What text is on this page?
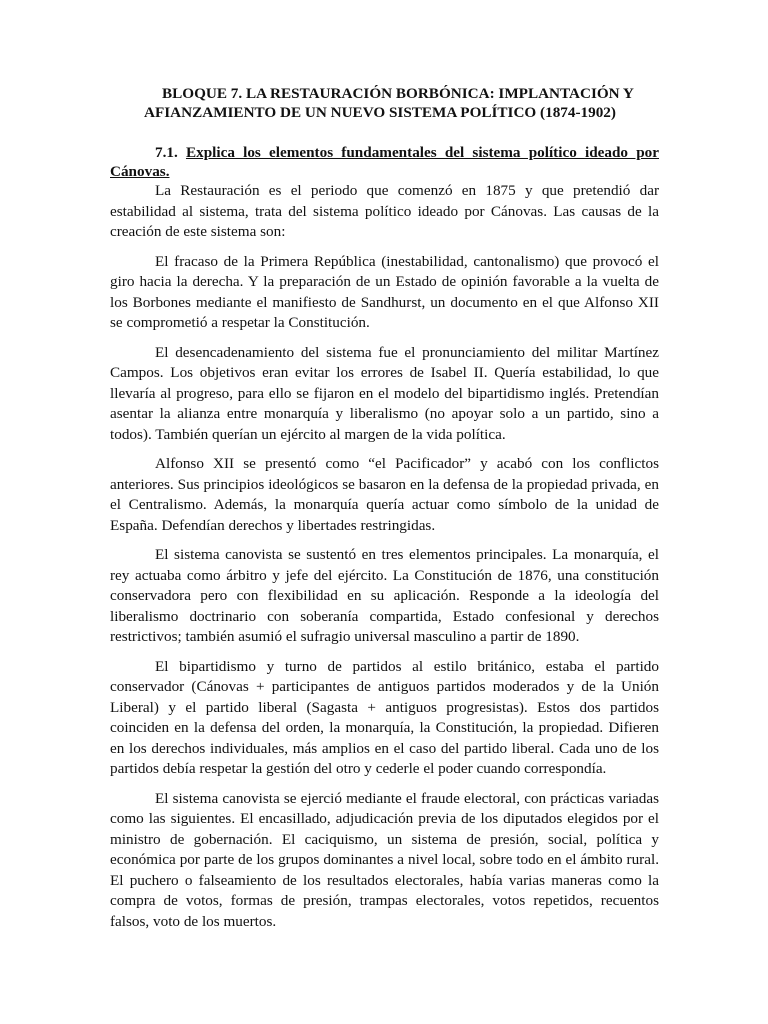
BLOQUE 7. LA RESTAURACIÓN BORBÓNICA: IMPLANTACIÓN Y
AFIANZAMIENTO DE UN NUEVO SISTEMA POLÍTICO (1874-1902)

7.1. Explica los elementos fundamentales del sistema político ideado por Cánovas.

La Restauración es el periodo que comenzó en 1875 y que pretendió dar estabilidad al sistema, trata del sistema político ideado por Cánovas. Las causas de la creación de este sistema son:

El fracaso de la Primera República (inestabilidad, cantonalismo) que provocó el giro hacia la derecha. Y la preparación de un Estado de opinión favorable a la vuelta de los Borbones mediante el manifiesto de Sandhurst, un documento en el que Alfonso XII se comprometió a respetar la Constitución.

El desencadenamiento del sistema fue el pronunciamiento del militar Martínez Campos. Los objetivos eran evitar los errores de Isabel II. Quería estabilidad, lo que llevaría al progreso, para ello se fijaron en el modelo del bipartidismo inglés. Pretendían asentar la alianza entre monarquía y liberalismo (no apoyar solo a un partido, sino a todos). También querían un ejército al margen de la vida política.

Alfonso XII se presentó como “el Pacificador” y acabó con los conflictos anteriores. Sus principios ideológicos se basaron en la defensa de la propiedad privada, en el Centralismo. Además, la monarquía quería actuar como símbolo de la unidad de España. Defendían derechos y libertades restringidas.

El sistema canovista se sustentó en tres elementos principales. La monarquía, el rey actuaba como árbitro y jefe del ejército. La Constitución de 1876, una constitución conservadora pero con flexibilidad en su aplicación. Responde a la ideología del liberalismo doctrinario con soberanía compartida, Estado confesional y derechos restrictivos; también asumió el sufragio universal masculino a partir de 1890.

El bipartidismo y turno de partidos al estilo británico, estaba el partido conservador (Cánovas + participantes de antiguos partidos moderados y de la Unión Liberal) y el partido liberal (Sagasta + antiguos progresistas). Estos dos partidos coinciden en la defensa del orden, la monarquía, la Constitución, la propiedad. Difieren en los derechos individuales, más amplios en el caso del partido liberal. Cada uno de los partidos debía respetar la gestión del otro y cederle el poder cuando correspondía.

El sistema canovista se ejerció mediante el fraude electoral, con prácticas variadas como las siguientes. El encasillado, adjudicación previa de los diputados elegidos por el ministro de gobernación. El caciquismo, un sistema de presión, social, política y económica por parte de los grupos dominantes a nivel local, sobre todo en el ámbito rural. El puchero o falseamiento de los resultados electorales, había varias maneras como la compra de votos, formas de presión, trampas electorales, votos repetidos, recuentos falsos, voto de los muertos.
